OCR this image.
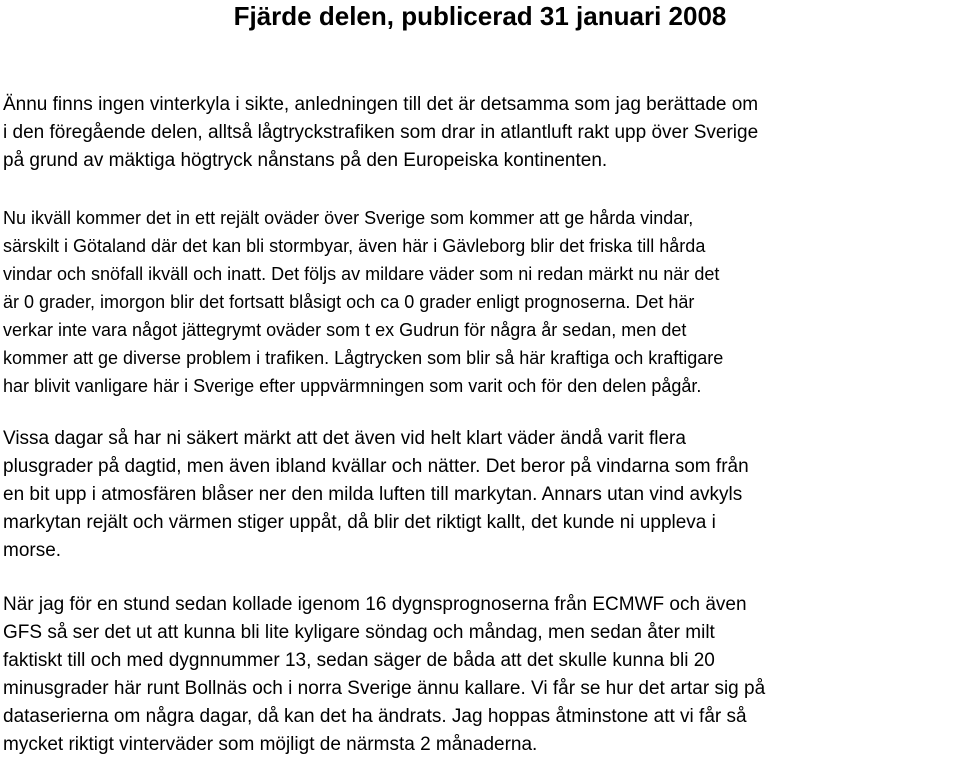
Fjärde delen, publicerad 31 januari 2008

Ännu finns ingen vinterkyla i sikte, anledningen till det är detsamma som jag berättade om
i den föregående delen, alltså lågtryckstrafiken som drar in atlantluft rakt upp över Sverige
på grund av mäktiga högtryck nånstans på den Europeiska kontinenten.

Nu ikväll kommer det in ett rejält oväder över Sverige som kommer att ge hårda vindar,
särskilt i Götaland där det kan bli stormbyar, även här i Gävleborg blir det friska till hårda
vindar och snöfall ikväll och inatt. Det följs av mildare väder som ni redan märkt nu när det
är 0 grader, imorgon blir det fortsatt blåsigt och ca 0 grader enligt prognoserna. Det här
verkar inte vara något jättegrymt oväder som t ex Gudrun för några år sedan, men det
kommer att ge diverse problem i trafiken. Lågtrycken som blir så här kraftiga och kraftigare
har blivit vanligare här i Sverige efter uppvärmningen som varit och för den delen pågår.

Vissa dagar så har ni säkert märkt att det även vid helt klart väder ändå varit flera
plusgrader på dagtid, men även ibland kvällar och nätter. Det beror på vindarna som från
en bit upp i atmosfären blåser ner den milda luften till markytan. Annars utan vind avkyls
markytan rejält och värmen stiger uppåt, då blir det riktigt kallt, det kunde ni uppleva i
morse.

När jag för en stund sedan kollade igenom 16 dygnsprognoserna från ECMWF och även
GFS så ser det ut att kunna bli lite kyligare söndag och måndag, men sedan åter milt
faktiskt till och med dygnnummer 13, sedan säger de båda att det skulle kunna bli 20
minusgrader här runt Bollnäs och i norra Sverige ännu kallare. Vi får se hur det artar sig på
dataserierna om några dagar, då kan det ha ändrats. Jag hoppas åtminstone att vi får så
mycket riktigt vinterväder som möjligt de närmsta 2 månaderna.
